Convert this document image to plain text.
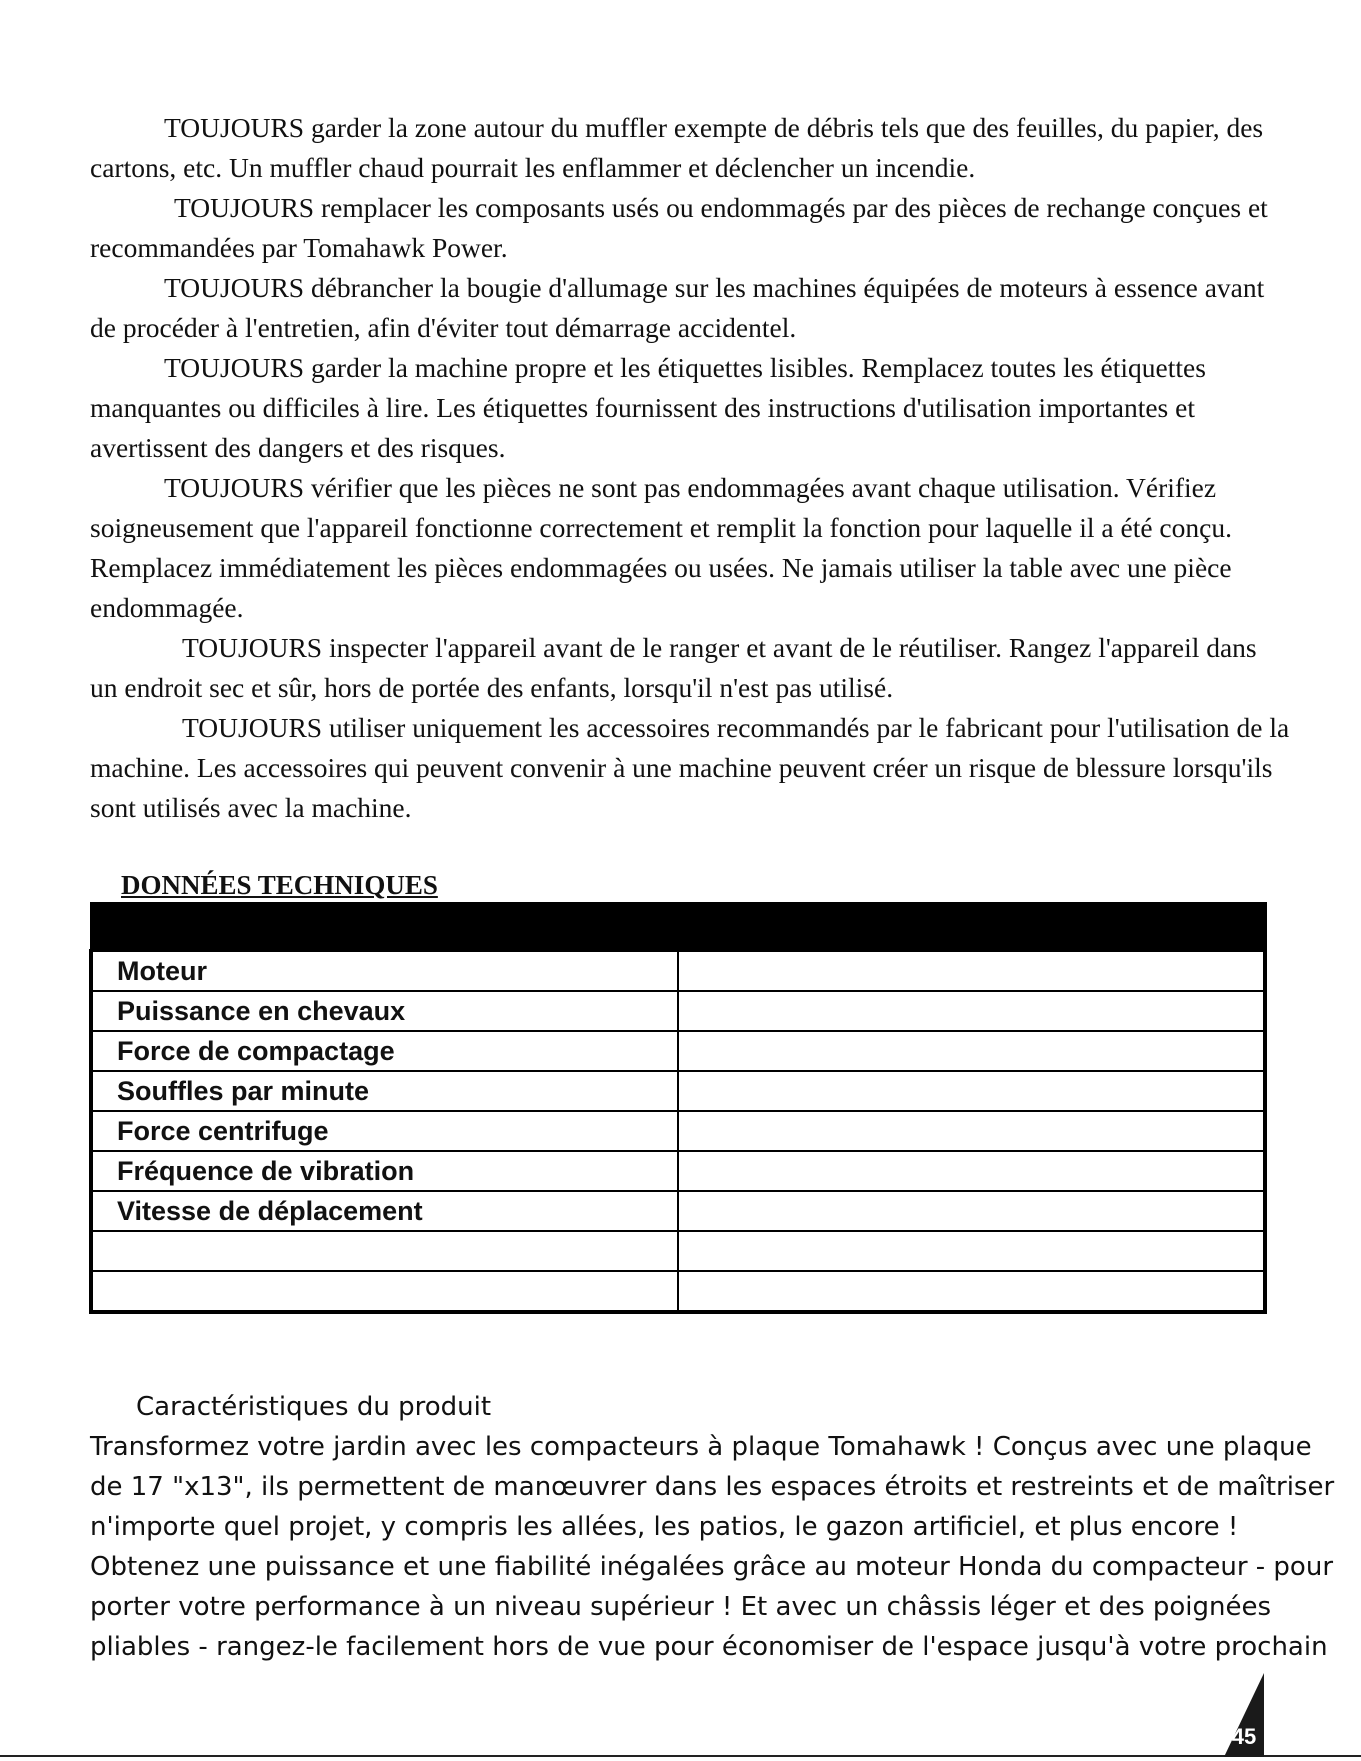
TOUJOURS garder la zone autour du muffler exempte de débris tels que des feuilles, du papier, des cartons, etc. Un muffler chaud pourrait les enflammer et déclencher un incendie.

TOUJOURS remplacer les composants usés ou endommagés par des pièces de rechange conçues et recommandées par Tomahawk Power.

TOUJOURS débrancher la bougie d'allumage sur les machines équipées de moteurs à essence avant de procéder à l'entretien, afin d'éviter tout démarrage accidentel.

TOUJOURS garder la machine propre et les étiquettes lisibles. Remplacez toutes les étiquettes manquantes ou difficiles à lire. Les étiquettes fournissent des instructions d'utilisation importantes et avertissent des dangers et des risques.

TOUJOURS vérifier que les pièces ne sont pas endommagées avant chaque utilisation. Vérifiez soigneusement que l'appareil fonctionne correctement et remplit la fonction pour laquelle il a été conçu. Remplacez immédiatement les pièces endommagées ou usées. Ne jamais utiliser la table avec une pièce endommagée.

TOUJOURS inspecter l'appareil avant de le ranger et avant de le réutiliser. Rangez l'appareil dans un endroit sec et sûr, hors de portée des enfants, lorsqu'il n'est pas utilisé.

TOUJOURS utiliser uniquement les accessoires recommandés par le fabricant pour l'utilisation de la machine. Les accessoires qui peuvent convenir à une machine peuvent créer un risque de blessure lorsqu'ils sont utilisés avec la machine.

DONNÉES TECHNIQUES

Moteur	
Puissance en chevaux	
Force de compactage	
Souffles par minute	
Force centrifuge	
Fréquence de vibration	
Vitesse de déplacement	

Caractéristiques du produit

Transformez votre jardin avec les compacteurs à plaque Tomahawk ! Conçus avec une plaque de 17 "x13", ils permettent de manœuvrer dans les espaces étroits et restreints et de maîtriser n'importe quel projet, y compris les allées, les patios, le gazon artificiel, et plus encore ! Obtenez une puissance et une fiabilité inégalées grâce au moteur Honda du compacteur - pour porter votre performance à un niveau supérieur ! Et avec un châssis léger et des poignées pliables - rangez-le facilement hors de vue pour économiser de l'espace jusqu'à votre prochain

45
